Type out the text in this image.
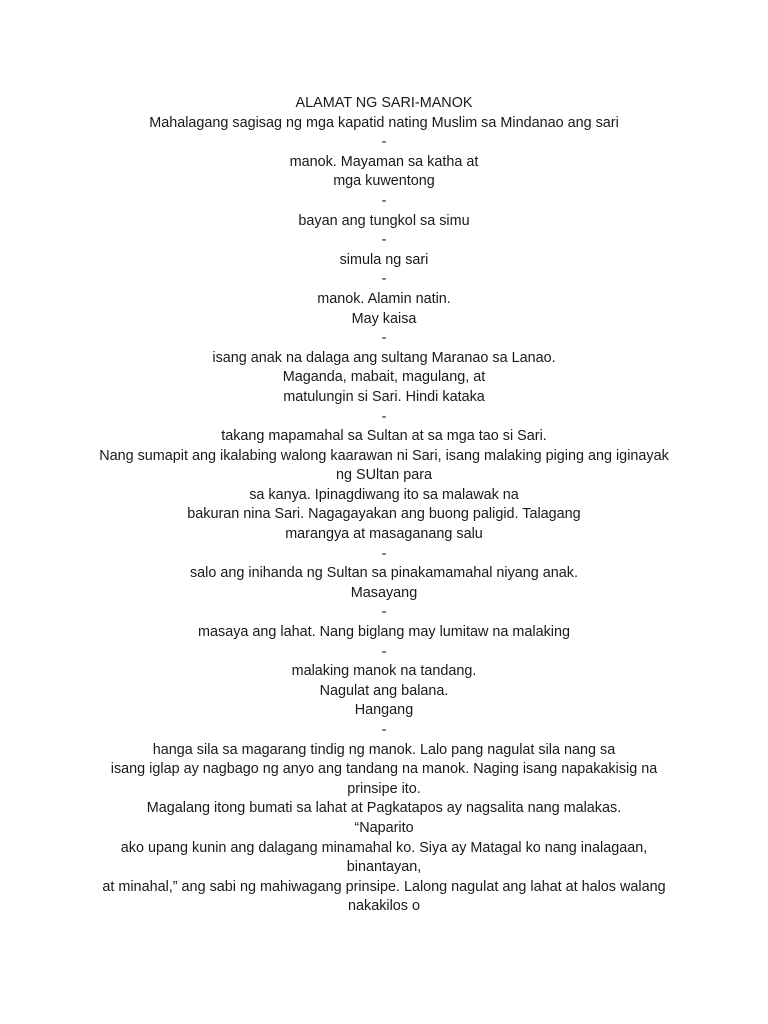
ALAMAT NG SARI-MANOK
Mahalagang sagisag ng mga kapatid nating Muslim sa Mindanao ang sari
-
manok. Mayaman sa katha at
mga kuwentong
-
bayan ang tungkol sa simu
-
simula ng sari
-
manok. Alamin natin.
May kaisa
-
isang anak na dalaga ang sultang Maranao sa Lanao.
Maganda, mabait, magulang, at
matulungin si Sari. Hindi kataka
-
takang mapamahal sa Sultan at sa mga tao si Sari.
Nang sumapit ang ikalabing walong kaarawan ni Sari, isang malaking piging ang iginayak
ng SUltan para
sa kanya. Ipinagdiwang ito sa malawak na
bakuran nina Sari. Nagagayakan ang buong paligid. Talagang
marangya at masaganang salu
-
salo ang inihanda ng Sultan sa pinakamamahal niyang anak.
Masayang
-
masaya ang lahat. Nang biglang may lumitaw na malaking
-
malaking manok na tandang.
Nagulat ang balana.
Hangang
-
hanga sila sa magarang tindig ng manok. Lalo pang nagulat sila nang sa
isang iglap ay nagbago ng anyo ang tandang na manok. Naging isang napakakisig na
prinsipe ito.
Magalang itong bumati sa lahat at Pagkatapos ay nagsalita nang malakas.
“Naparito
ako upang kunin ang dalagang minamahal ko. Siya ay Matagal ko nang inalagaan,
binantayan,
at minahal,” ang sabi ng mahiwagang prinsipe. Lalong nagulat ang lahat at halos walang
nakakilos o
